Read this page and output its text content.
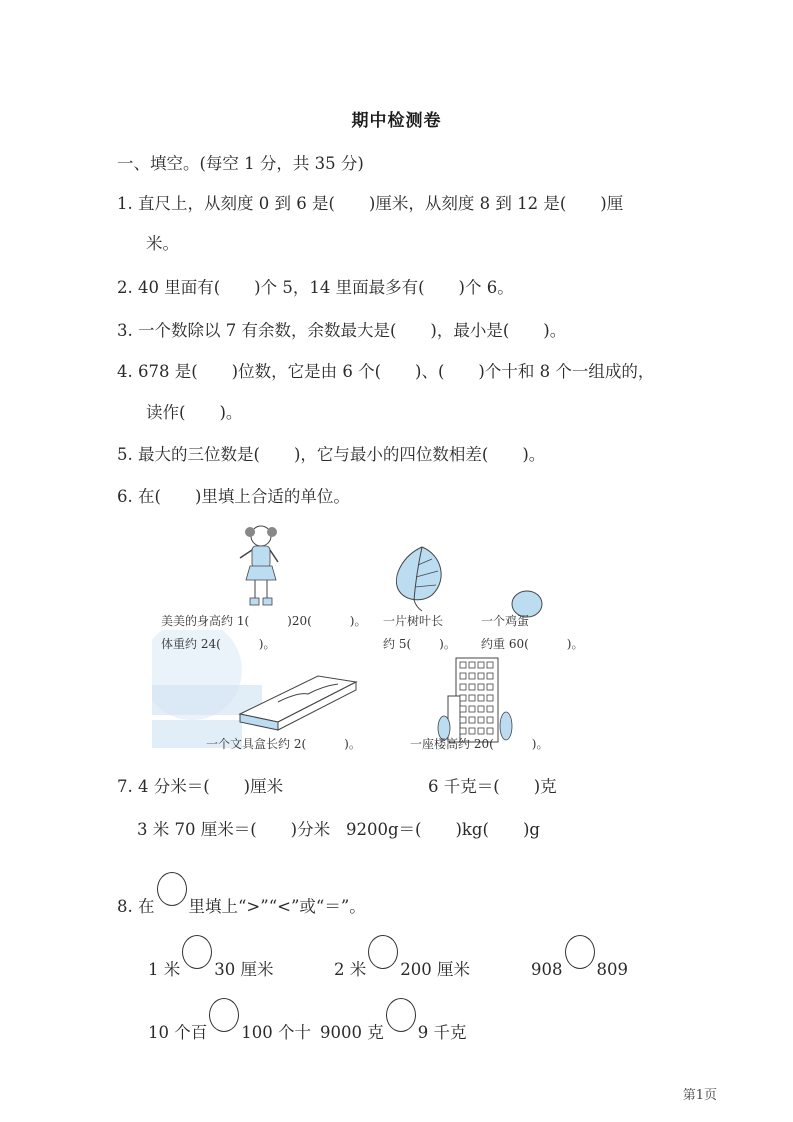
期中检测卷
一、填空。(每空 1 分，共 35 分)
1. 直尺上，从刻度 0 到 6 是( )厘米，从刻度 8 到 12 是( )厘
米。
2. 40 里面有( )个 5，14 里面最多有( )个 6。
3. 一个数除以 7 有余数，余数最大是( )，最小是( )。
4. 678 是( )位数，它是由 6 个( )、( )个十和 8 个一组成的，
读作( )。
5. 最大的三位数是( )，它与最小的四位数相差( )。
6. 在( )里填上合适的单位。
美美的身高约 1(	)20(	)。
体重约 24(	)。
一片树叶长
约 5( )。
一个鸡蛋
约重 60(	)。
一个文具盒长约 2(	)。	一座楼高约 20(	)。
7. 4 分米＝( )厘米	6 千克＝( )克
3 米 70 厘米＝( )分米 9200g＝( )kg( )g
8. 在 里填上“>”“<”或“＝”。
1 米 30 厘米	2 米 200 厘米	908 809
10 个百 100 个十 9000 克 9 千克
第1页
